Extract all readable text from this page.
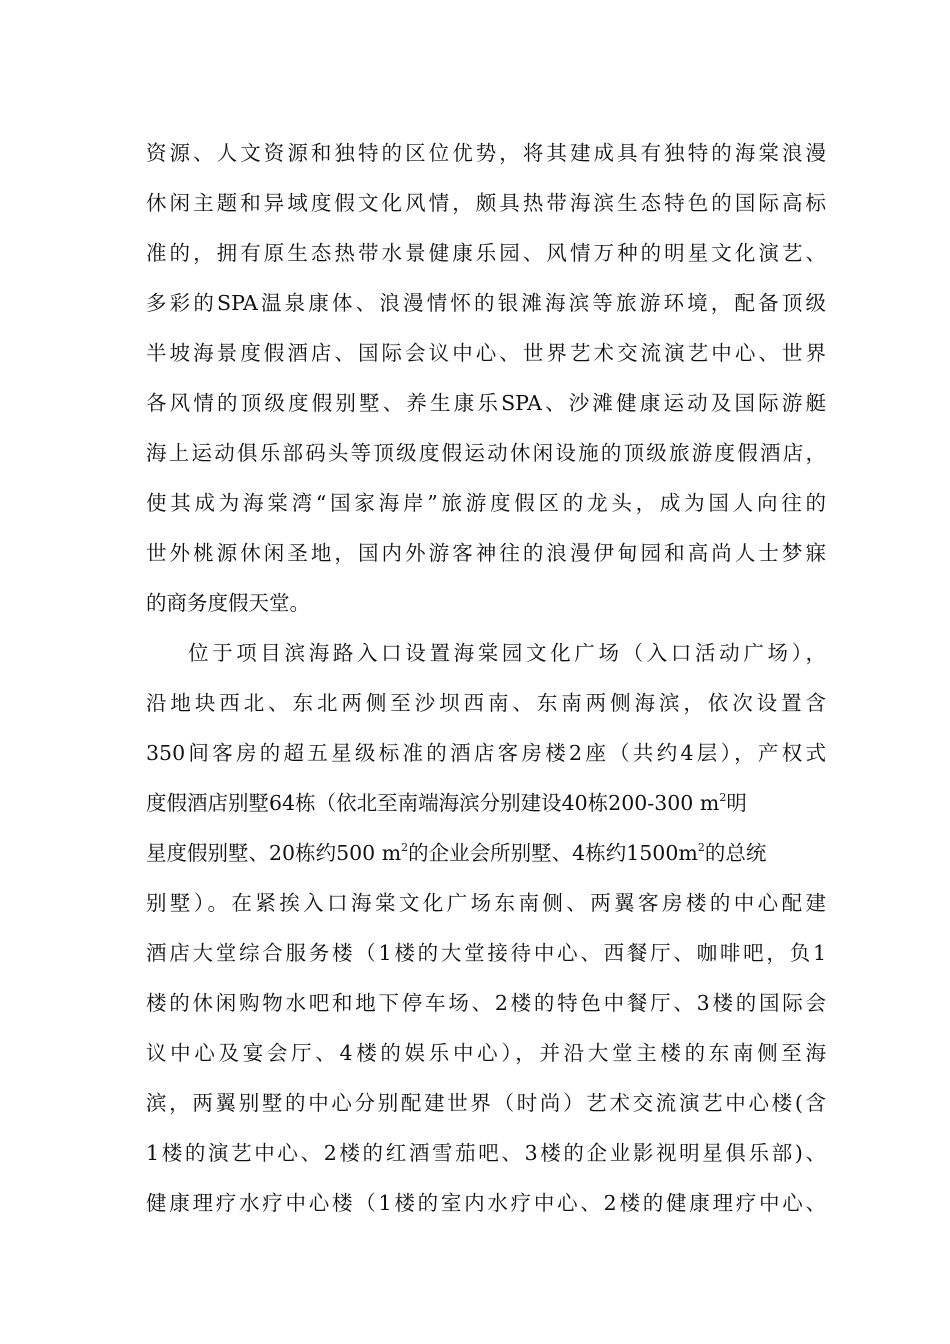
资源、人文资源和独特的区位优势，将其建成具有独特的海棠浪漫
休闲主题和异域度假文化风情，颇具热带海滨生态特色的国际高标
准的，拥有原生态热带水景健康乐园、风情万种的明星文化演艺、
多彩的SPA温泉康体、浪漫情怀的银滩海滨等旅游环境，配备顶级
半坡海景度假酒店、国际会议中心、世界艺术交流演艺中心、世界
各风情的顶级度假别墅、养生康乐SPA、沙滩健康运动及国际游艇
海上运动俱乐部码头等顶级度假运动休闲设施的顶级旅游度假酒店，
使其成为海棠湾“国家海岸”旅游度假区的龙头，成为国人向往的
世外桃源休闲圣地，国内外游客神往的浪漫伊甸园和高尚人士梦寐
的商务度假天堂。
位于项目滨海路入口设置海棠园文化广场（入口活动广场），
沿地块西北、东北两侧至沙坝西南、东南两侧海滨，依次设置含
350间客房的超五星级标准的酒店客房楼2座（共约4层），产权式
度假酒店别墅64栋（依北至南端海滨分别建设40栋200-300 $m^2$明
星度假别墅、20栋约500 $m^2$的企业会所别墅、4栋约$1500m^2$的总统
别墅）。在紧挨入口海棠文化广场东南侧、两翼客房楼的中心配建
酒店大堂综合服务楼（1楼的大堂接待中心、西餐厅、咖啡吧，负1
楼的休闲购物水吧和地下停车场、2楼的特色中餐厅、3楼的国际会
议中心及宴会厅、4楼的娱乐中心），并沿大堂主楼的东南侧至海
滨，两翼别墅的中心分别配建世界（时尚）艺术交流演艺中心楼(含
1楼的演艺中心、2楼的红酒雪茄吧、3楼的企业影视明星俱乐部)、
健康理疗水疗中心楼（1楼的室内水疗中心、2楼的健康理疗中心、
